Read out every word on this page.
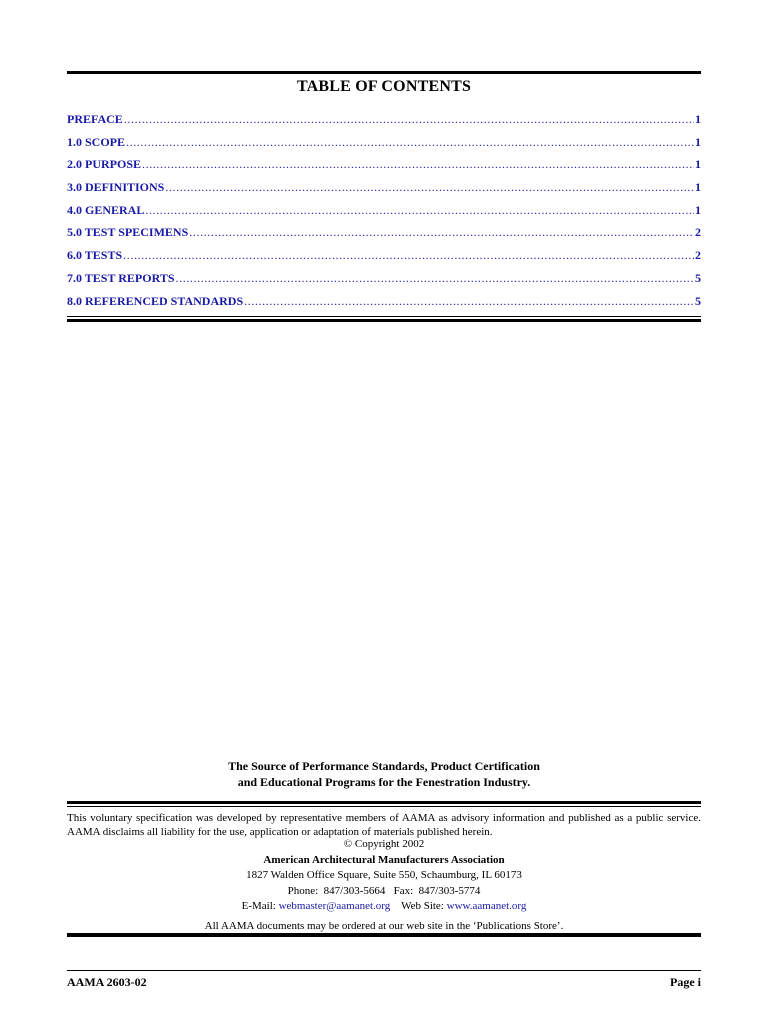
TABLE OF CONTENTS
PREFACE .....	1
1.0 SCOPE .....	1
2.0 PURPOSE .....	1
3.0 DEFINITIONS .....	1
4.0 GENERAL .....	1
5.0 TEST SPECIMENS .....	2
6.0 TESTS .....	2
7.0 TEST REPORTS .....	5
8.0 REFERENCED STANDARDS .....	5
The Source of Performance Standards, Product Certification
and Educational Programs for the Fenestration Industry.
This voluntary specification was developed by representative members of AAMA as advisory information and published as a public service. AAMA disclaims all liability for the use, application or adaptation of materials published herein.
© Copyright 2002
American Architectural Manufacturers Association
1827 Walden Office Square, Suite 550, Schaumburg, IL 60173
Phone:  847/303-5664   Fax:  847/303-5774
E-Mail: webmaster@aamanet.org Web Site: www.aamanet.org
All AAMA documents may be ordered at our web site in the ‘Publications Store’.
AAMA 2603-02	Page i
